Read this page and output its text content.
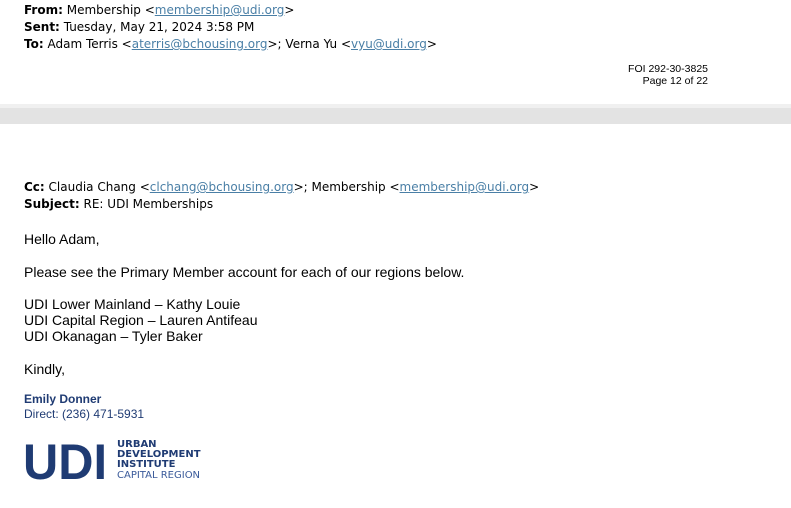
From: Membership <membership@udi.org>
Sent: Tuesday, May 21, 2024 3:58 PM
To: Adam Terris <aterris@bchousing.org>; Verna Yu <vyu@udi.org>
FOI 292-30-3825
Page 12 of 22
Cc: Claudia Chang <clchang@bchousing.org>; Membership <membership@udi.org>
Subject: RE: UDI Memberships
Hello Adam,
Please see the Primary Member account for each of our regions below.
UDI Lower Mainland – Kathy Louie
UDI Capital Region – Lauren Antifeau
UDI Okanagan – Tyler Baker
Kindly,
Emily Donner
Direct: (236) 471-5931
UDI URBAN
DEVELOPMENT
INSTITUTE
CAPITAL REGION
